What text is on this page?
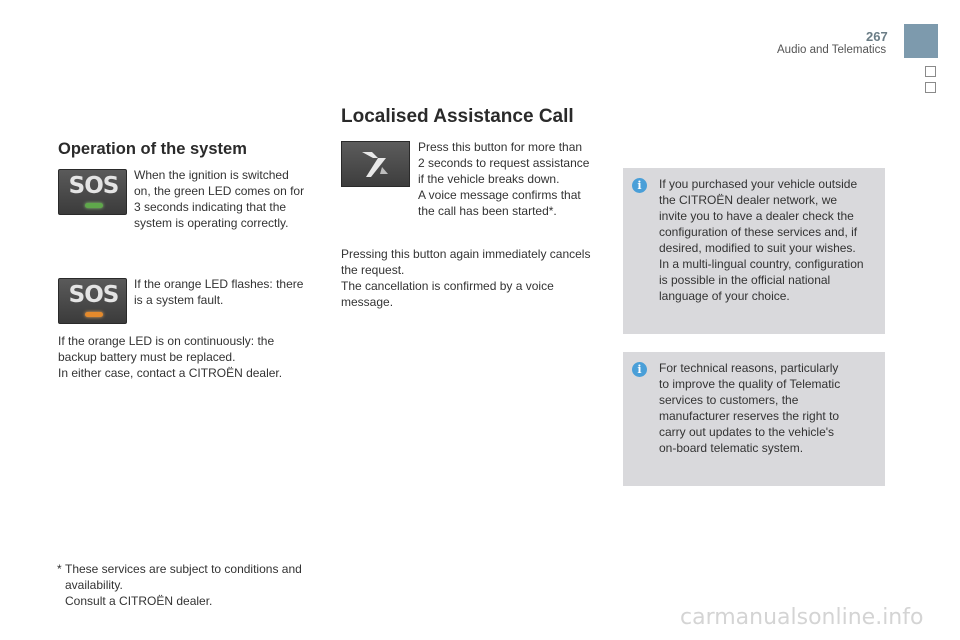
267
Audio and Telematics
Operation of the system
SOS When the ignition is switched
on, the green LED comes on for
3 seconds indicating that the
system is operating correctly.
SOS If the orange LED flashes: there
is a system fault.
If the orange LED is on continuously: the
backup battery must be replaced.
In either case, contact a CITROËN dealer.
Localised Assistance Call
Press this button for more than
2 seconds to request assistance
if the vehicle breaks down.
A voice message confirms that
the call has been started*.
Pressing this button again immediately cancels
the request.
The cancellation is confirmed by a voice
message.
i	If you purchased your vehicle outside
the CITROËN dealer network, we
invite you to have a dealer check the
configuration of these services and, if
desired, modified to suit your wishes.
In a multi-lingual country, configuration
is possible in the official national
language of your choice.
i	For technical reasons, particularly
to improve the quality of Telematic
services to customers, the
manufacturer reserves the right to
carry out updates to the vehicle's
on-board telematic system.

* These services are subject to conditions and
availability.
Consult a CITROËN dealer.

carmanualsonline.info
